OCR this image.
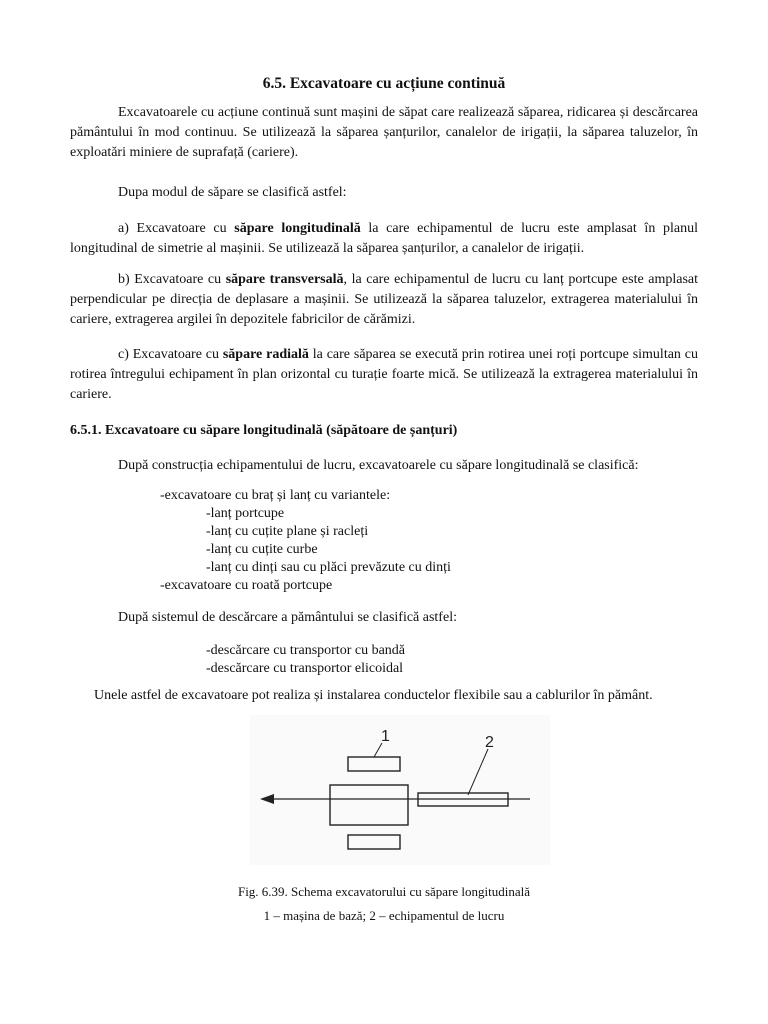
6.5. Excavatoare cu acțiune continuă

Excavatoarele cu acțiune continuă sunt mașini de săpat care realizează săparea, ridicarea și descărcarea pământului în mod continuu. Se utilizează la săparea șanțurilor, canalelor de irigații, la săparea taluzelor, în exploatări miniere de suprafață (cariere).

Dupa modul de săpare se clasifică astfel:

a) Excavatoare cu săpare longitudinală la care echipamentul de lucru este amplasat în planul longitudinal de simetrie al mașinii. Se utilizează la săparea șanțurilor, a canalelor de irigații.

b) Excavatoare cu săpare transversală, la care echipamentul de lucru cu lanț portcupe este amplasat perpendicular pe direcția de deplasare a mașinii. Se utilizează la săparea taluzelor, extragerea materialului în cariere, extragerea argilei în depozitele fabricilor de cărămizi.

c) Excavatoare cu săpare radială la care săparea se execută prin rotirea unei roți portcupe simultan cu rotirea întregului echipament în plan orizontal cu turație foarte mică. Se utilizează la extragerea materialului în cariere.

6.5.1. Excavatoare cu săpare longitudinală (săpătoare de șanțuri)

După construcția echipamentului de lucru, excavatoarele cu săpare longitudinală se clasifică:

-excavatoare cu braț și lanț cu variantele:

-lanț portcupe

-lanț cu cuțite plane și racleți

-lanț cu cuțite curbe

-lanț cu dinți sau cu plăci prevăzute cu dinți

-excavatoare cu roată portcupe

După sistemul de descărcare a pământului se clasifică astfel:

-descărcare cu transportor cu bandă

-descărcare cu transportor elicoidal

Unele astfel de excavatoare pot realiza și instalarea conductelor flexibile sau a cablurilor în pământ.

1	2

Fig. 6.39. Schema excavatorului cu săpare longitudinală

1 – mașina de bază; 2 – echipamentul de lucru
